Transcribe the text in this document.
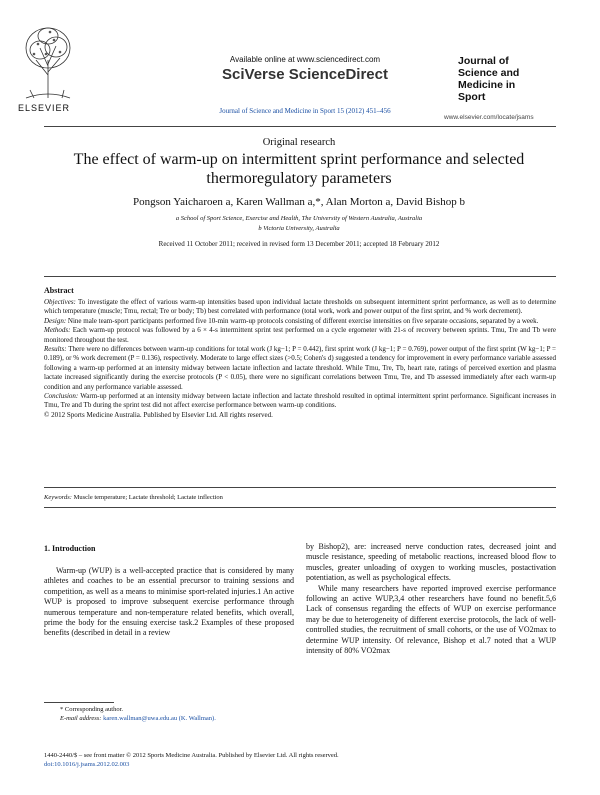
ELSEVIER
Available online at www.sciencedirect.com
SciVerse ScienceDirect
Journal of Science and Medicine in Sport 15 (2012) 451–456
Journal of
Science and
Medicine in
Sport
www.elsevier.com/locate/jsams
Original research
The effect of warm-up on intermittent sprint performance and selected
thermoregulatory parameters
Pongson Yaicharoen a, Karen Wallman a,*, Alan Morton a, David Bishop b
a School of Sport Science, Exercise and Health, The University of Western Australia, Australia
b Victoria University, Australia
Received 11 October 2011; received in revised form 13 December 2011; accepted 18 February 2012
Abstract

Objectives: To investigate the effect of various warm-up intensities based upon individual lactate thresholds on subsequent intermittent sprint performance, as well as to determine which temperature (muscle; Tmu, rectal; Tre or body; Tb) best correlated with performance (total work, work and power output of the first sprint, and % work decrement).

Design: Nine male team-sport participants performed five 10-min warm-up protocols consisting of different exercise intensities on five separate occasions, separated by a week.

Methods: Each warm-up protocol was followed by a 6 × 4-s intermittent sprint test performed on a cycle ergometer with 21-s of recovery between sprints. Tmu, Tre and Tb were monitored throughout the test.

Results: There were no differences between warm-up conditions for total work (J kg−1; P = 0.442), first sprint work (J kg−1; P = 0.769), power output of the first sprint (W kg−1; P = 0.189), or % work decrement (P = 0.136), respectively. Moderate to large effect sizes (>0.5; Cohen's d) suggested a tendency for improvement in every performance variable assessed following a warm-up performed at an intensity midway between lactate inflection and lactate threshold. While Tmu, Tre, Tb, heart rate, ratings of perceived exertion and plasma lactate increased significantly during the exercise protocols (P < 0.05), there were no significant correlations between Tmu, Tre, and Tb assessed immediately after each warm-up condition and any performance variable assessed.

Conclusion: Warm-up performed at an intensity midway between lactate inflection and lactate threshold resulted in optimal intermittent sprint performance. Significant increases in Tmu, Tre and Tb during the sprint test did not affect exercise performance between warm-up conditions.

© 2012 Sports Medicine Australia. Published by Elsevier Ltd. All rights reserved.

Keywords: Muscle temperature; Lactate threshold; Lactate inflection
1. Introduction

Warm-up (WUP) is a well-accepted practice that is considered by many athletes and coaches to be an essential precursor to training sessions and competition, as well as a means to minimise sport-related injuries.1 An active WUP is proposed to improve subsequent exercise performance through numerous temperature and non-temperature related benefits, which overall, prime the body for the ensuing exercise task.2 Examples of these proposed benefits (described in detail in a review

by Bishop2), are: increased nerve conduction rates, decreased joint and muscle resistance, speeding of metabolic reactions, increased blood flow to muscles, greater unloading of oxygen to working muscles, postactivation potentiation, as well as psychological effects.

While many researchers have reported improved exercise performance following an active WUP,3,4 other researchers have found no benefit.5,6 Lack of consensus regarding the effects of WUP on exercise performance may be due to heterogeneity of different exercise protocols, the lack of well-controlled studies, the recruitment of small cohorts, or the use of VO2max to determine WUP intensity. Of relevance, Bishop et al.7 noted that a WUP intensity of 80% VO2max

* Corresponding author.
E-mail address: karen.wallman@uwa.edu.au (K. Wallman).
1440-2440/$ – see front matter © 2012 Sports Medicine Australia. Published by Elsevier Ltd. All rights reserved.
doi:10.1016/j.jsams.2012.02.003
